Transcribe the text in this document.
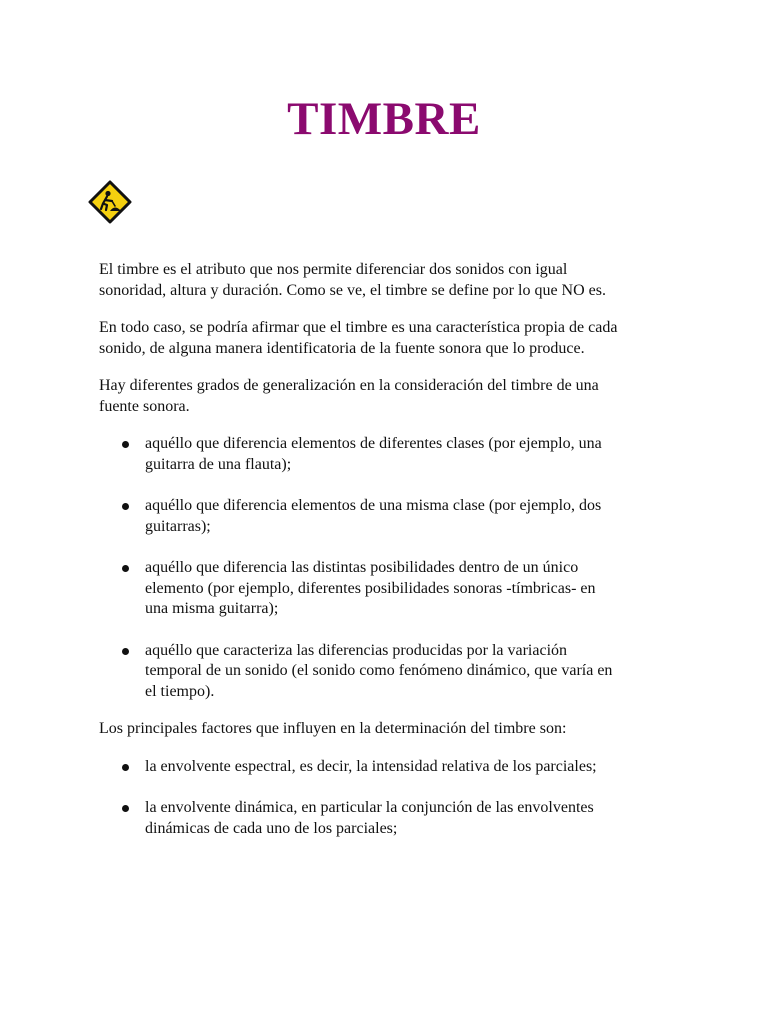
TIMBRE

El timbre es el atributo que nos permite diferenciar dos sonidos con igual sonoridad, altura y duración. Como se ve, el timbre se define por lo que NO es.

En todo caso, se podría afirmar que el timbre es una característica propia de cada sonido, de alguna manera identificatoria de la fuente sonora que lo produce.

Hay diferentes grados de generalización en la consideración del timbre de una fuente sonora.

aquéllo que diferencia elementos de diferentes clases (por ejemplo, una guitarra de una flauta);
aquéllo que diferencia elementos de una misma clase (por ejemplo, dos guitarras);
aquéllo que diferencia las distintas posibilidades dentro de un único elemento (por ejemplo, diferentes posibilidades sonoras -tímbricas- en una misma guitarra);
aquéllo que caracteriza las diferencias producidas por la variación temporal de un sonido (el sonido como fenómeno dinámico, que varía en el tiempo).

Los principales factores que influyen en la determinación del timbre son:

la envolvente espectral, es decir, la intensidad relativa de los parciales;
la envolvente dinámica, en particular la conjunción de las envolventes dinámicas de cada uno de los parciales;
